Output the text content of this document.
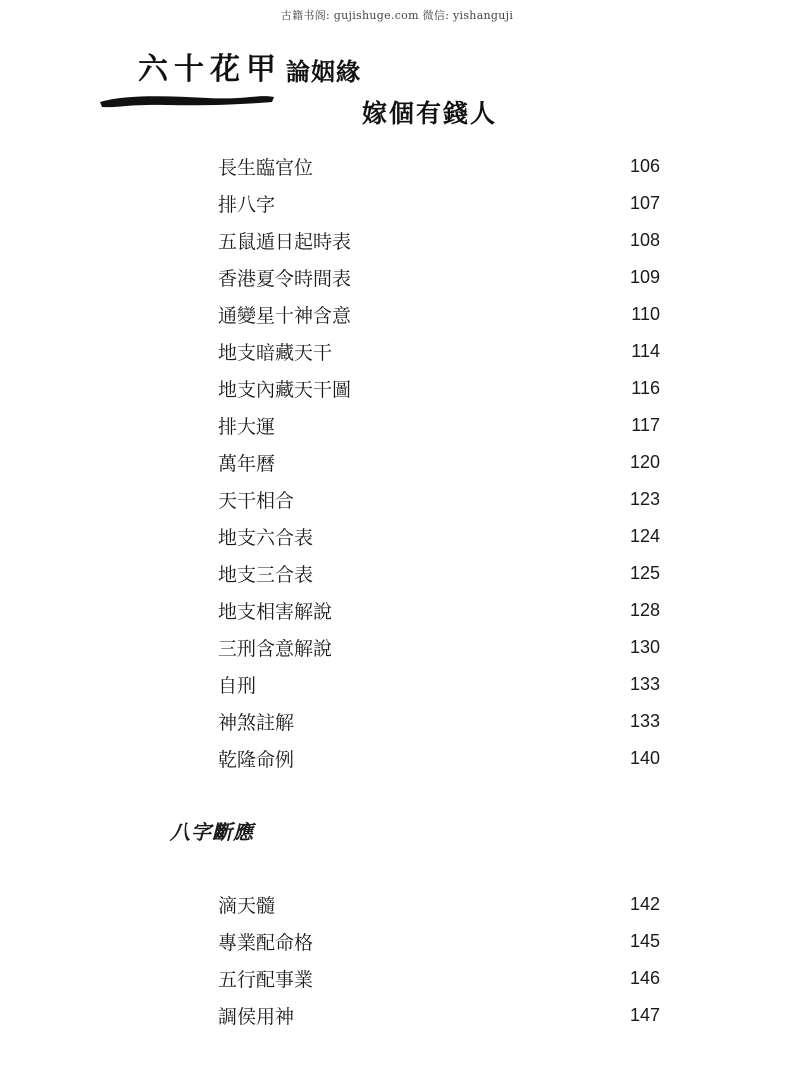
古籍书阁: gujishuge.com 微信: yishanguji
六十花甲 論姻緣
嫁個有錢人
長生臨官位	106
排八字	107
五鼠遁日起時表	108
香港夏令時間表	109
通變星十神含意	110
地支暗藏天干	114
地支內藏天干圖	116
排大運	117
萬年曆	120
天干相合	123
地支六合表	124
地支三合表	125
地支相害解說	128
三刑含意解說	130
自刑	133
神煞註解	133
乾隆命例	140
八字斷應
滴天髓	142
專業配命格	145
五行配事業	146
調侯用神	147
